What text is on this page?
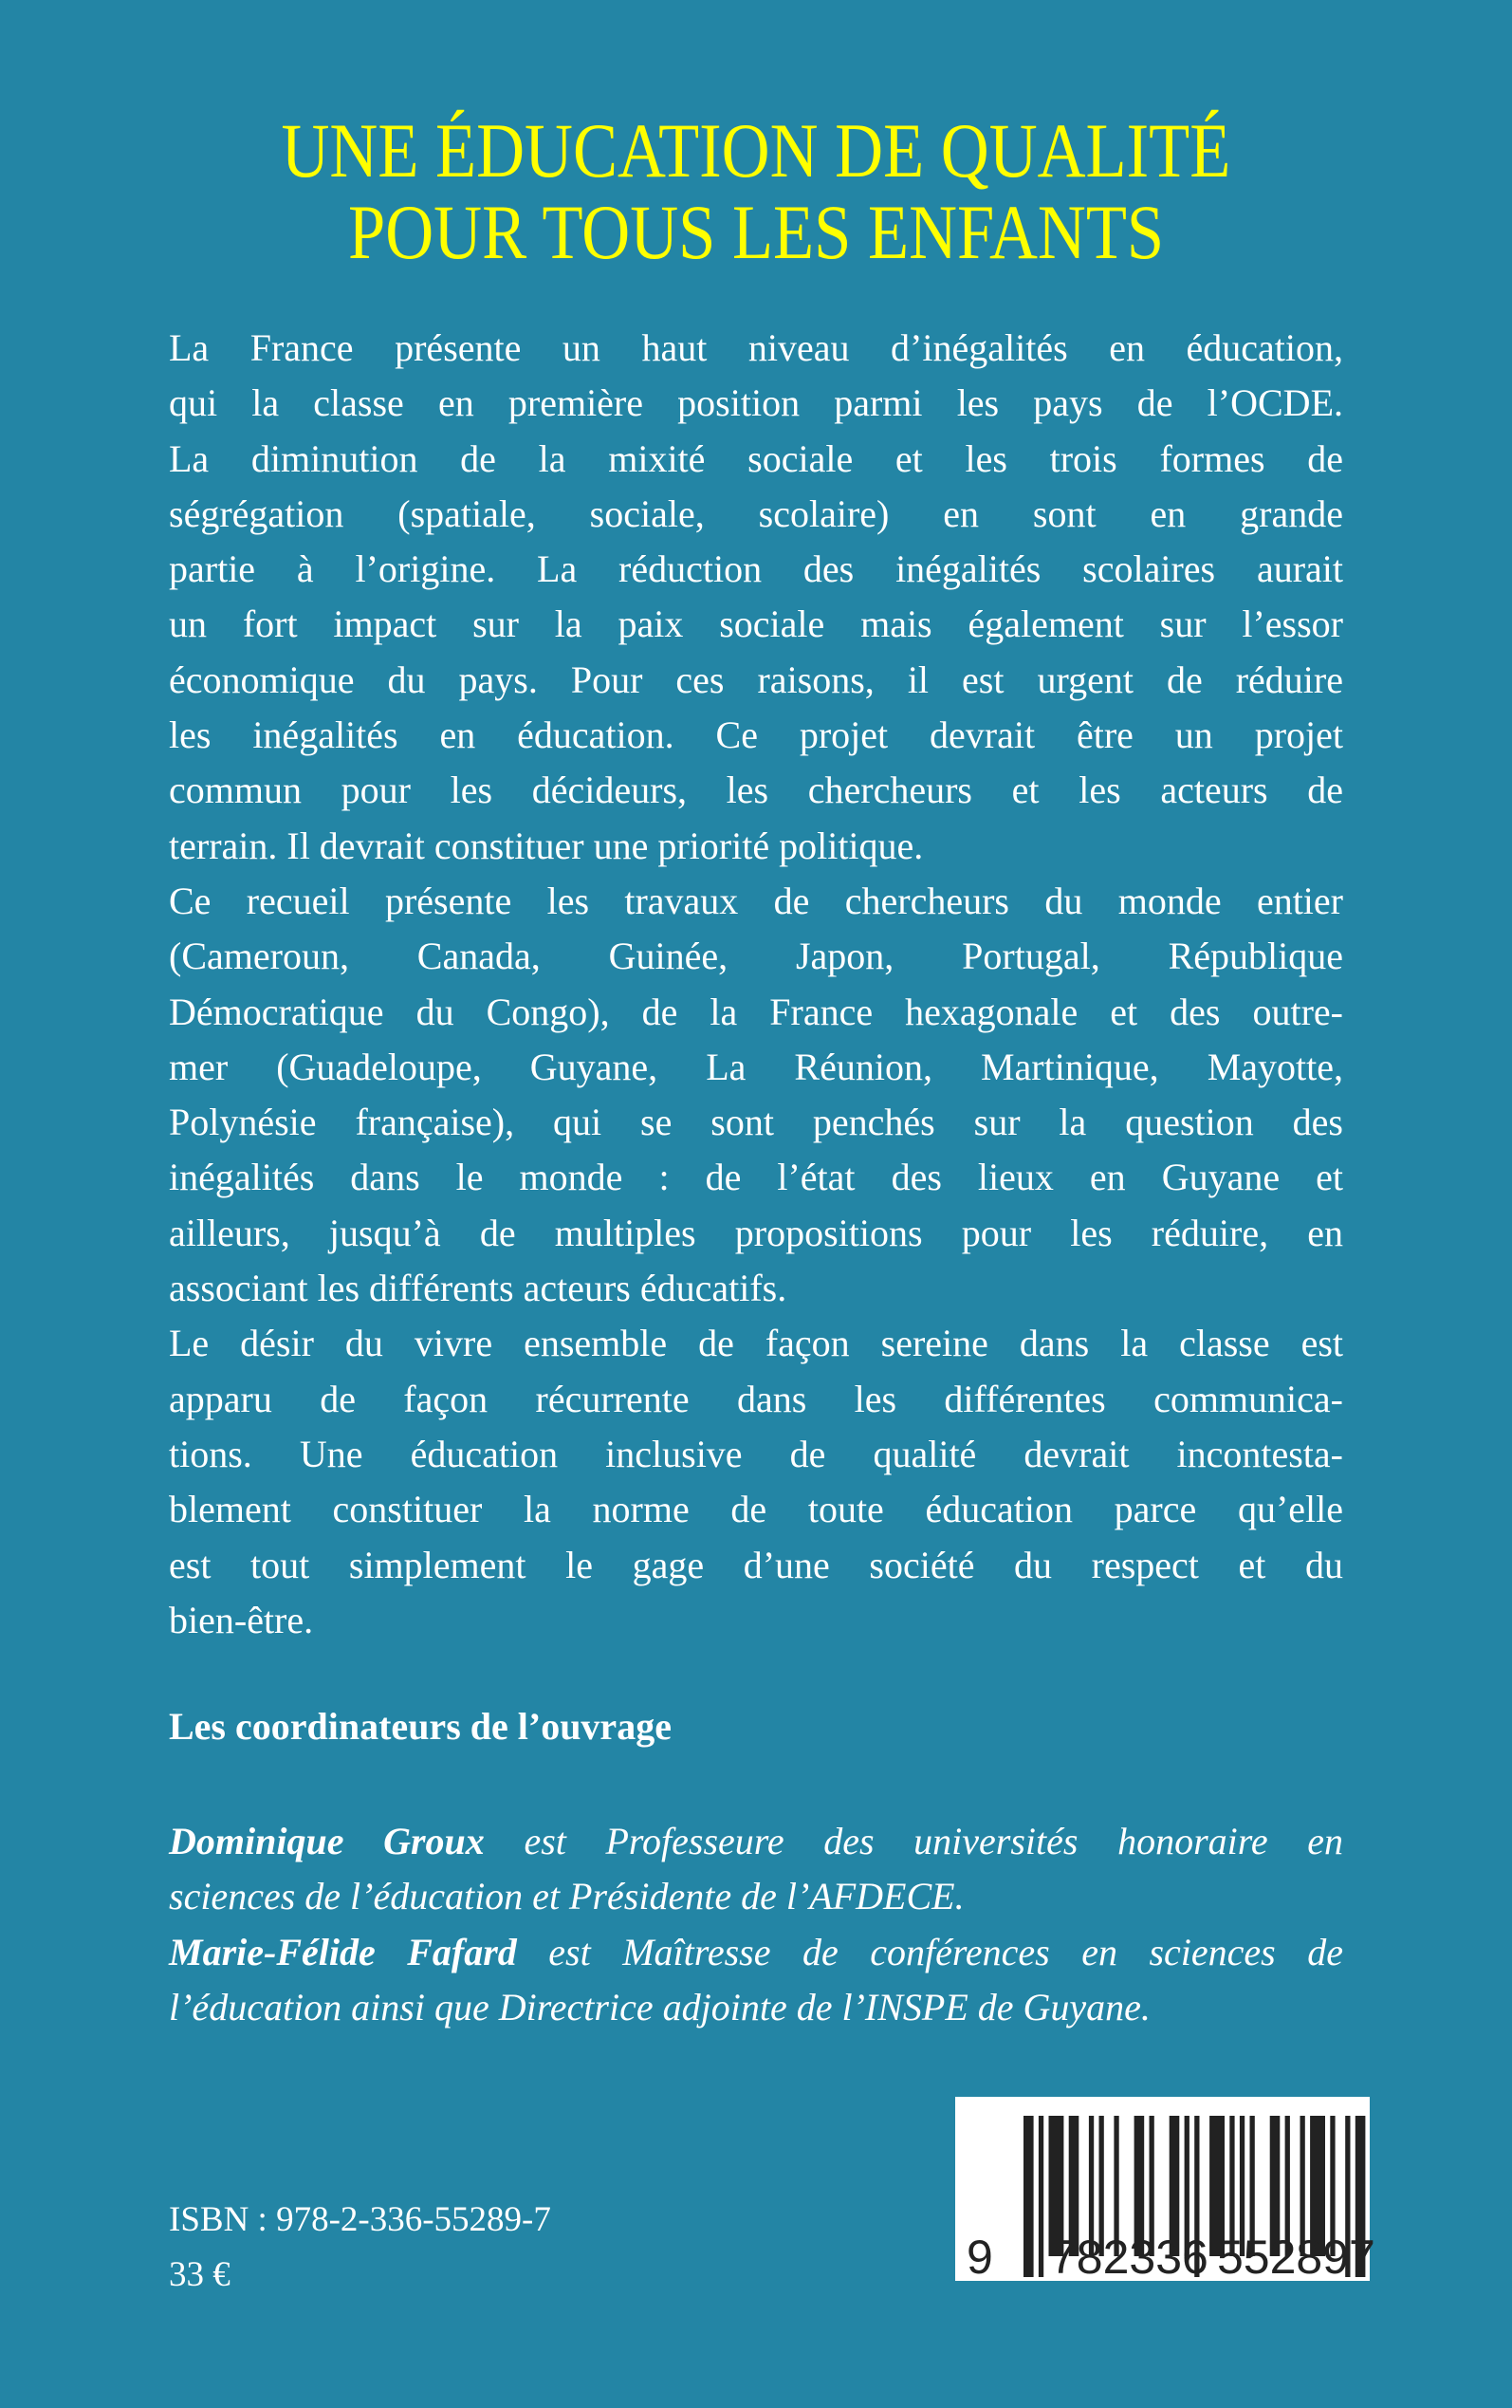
UNE ÉDUCATION DE QUALITÉ
POUR TOUS LES ENFANTS
La France présente un haut niveau d’inégalités en éducation,
qui la classe en première position parmi les pays de l’OCDE.
La diminution de la mixité sociale et les trois formes de
ségrégation (spatiale, sociale, scolaire) en sont en grande
partie à l’origine. La réduction des inégalités scolaires aurait
un fort impact sur la paix sociale mais également sur l’essor
économique du pays. Pour ces raisons, il est urgent de réduire
les inégalités en éducation. Ce projet devrait être un projet
commun pour les décideurs, les chercheurs et les acteurs de
terrain. Il devrait constituer une priorité politique.
Ce recueil présente les travaux de chercheurs du monde entier
(Cameroun, Canada, Guinée, Japon, Portugal, République
Démocratique du Congo), de la France hexagonale et des outre-
mer (Guadeloupe, Guyane, La Réunion, Martinique, Mayotte,
Polynésie française), qui se sont penchés sur la question des
inégalités dans le monde : de l’état des lieux en Guyane et
ailleurs, jusqu’à de multiples propositions pour les réduire, en
associant les différents acteurs éducatifs.
Le désir du vivre ensemble de façon sereine dans la classe est
apparu de façon récurrente dans les différentes communica-
tions. Une éducation inclusive de qualité devrait incontesta-
blement constituer la norme de toute éducation parce qu’elle
est tout simplement le gage d’une société du respect et du
bien-être.
Les coordinateurs de l’ouvrage
Dominique Groux est Professeure des universités honoraire en
sciences de l’éducation et Présidente de l’AFDECE.
Marie-Félide Fafard est Maîtresse de conférences en sciences de
l’éducation ainsi que Directrice adjointe de l’INSPE de Guyane.
ISBN : 978-2-336-55289-7
33 €	9 782336 552897
